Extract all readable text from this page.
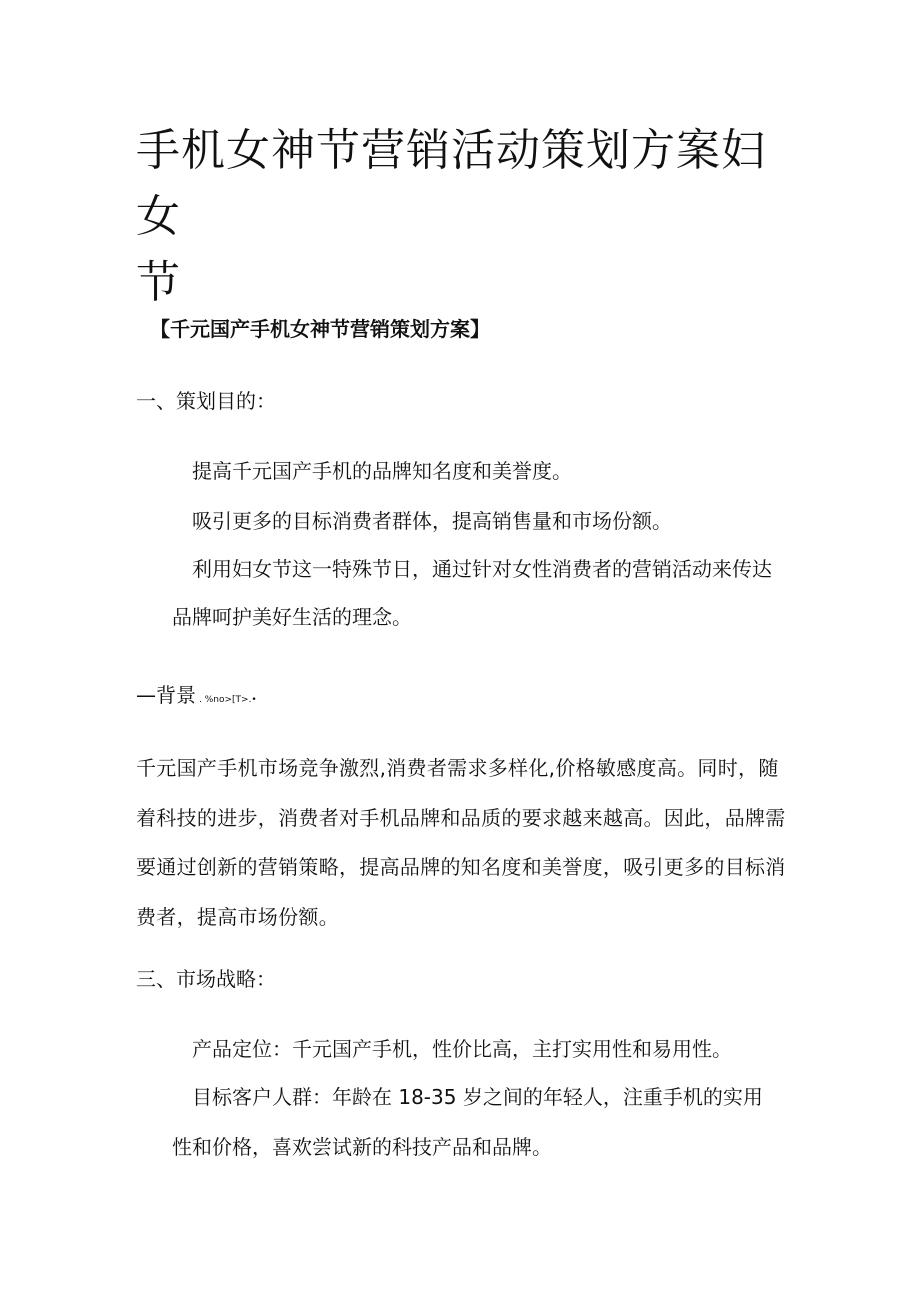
手机女神节营销活动策划方案妇女
节

【千元国产手机女神节营销策划方案】

一、策划目的：

提高千元国产手机的品牌知名度和美誉度。

吸引更多的目标消费者群体，提高销售量和市场份额。

利用妇女节这一特殊节日，通过针对女性消费者的营销活动来传达

品牌呵护美好生活的理念。

—背景 . %no>[T>.•
千元国产手机市场竞争激烈,消费者需求多样化,价格敏感度高。同时，随
着科技的进步，消费者对手机品牌和品质的要求越来越高。因此，品牌需
要通过创新的营销策略，提高品牌的知名度和美誉度，吸引更多的目标消
费者，提高市场份额。
三、市场战略：

产品定位：千元国产手机，性价比高，主打实用性和易用性。

目标客户人群：年龄在 18-35 岁之间的年轻人，注重手机的实用

性和价格，喜欢尝试新的科技产品和品牌。
